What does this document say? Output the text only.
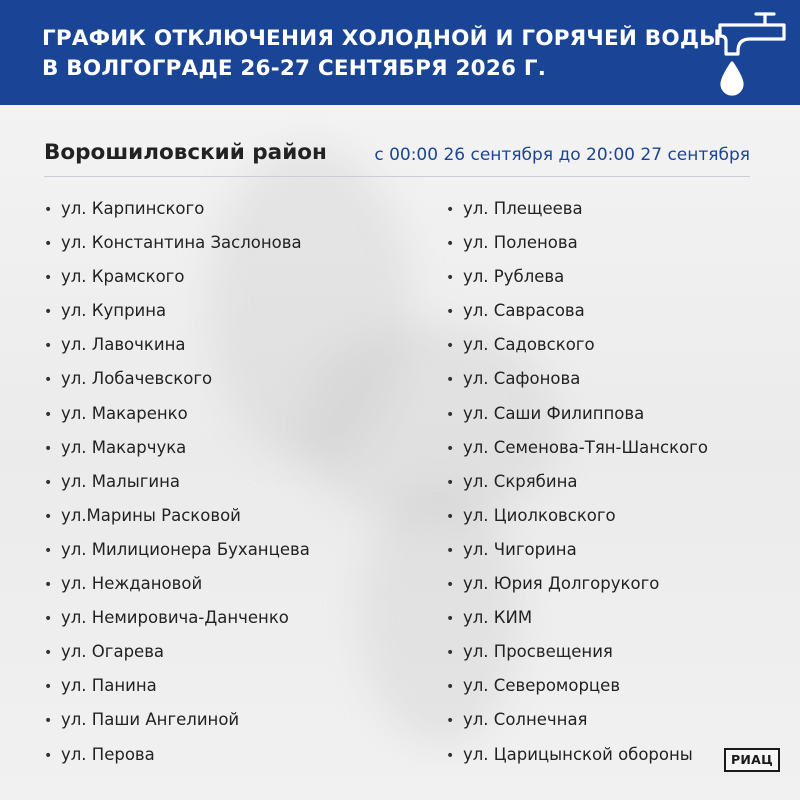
ГРАФИК ОТКЛЮЧЕНИЯ ХОЛОДНОЙ И ГОРЯЧЕЙ ВОДЫ
В ВОЛГОГРАДЕ 26-27 СЕНТЯБРЯ 2026 Г.
Ворошиловский район	с 00:00 26 сентября до 20:00 27 сентября
• ул. Карпинского
• ул. Константина Заслонова
• ул. Крамского
• ул. Куприна
• ул. Лавочкина
• ул. Лобачевского
• ул. Макаренко
• ул. Макарчука
• ул. Малыгина
• ул.Марины Расковой
• ул. Милиционера Буханцева
• ул. Неждановой
• ул. Немировича-Данченко
• ул. Огарева
• ул. Панина
• ул. Паши Ангелиной
• ул. Перова
• ул. Плещеева
• ул. Поленова
• ул. Рублева
• ул. Саврасова
• ул. Садовского
• ул. Сафонова
• ул. Саши Филиппова
• ул. Семенова-Тян-Шанского
• ул. Скрябина
• ул. Циолковского
• ул. Чигорина
• ул. Юрия Долгорукого
• ул. КИМ
• ул. Просвещения
• ул. Североморцев
• ул. Солнечная
• ул. Царицынской обороны	РИАЦ
